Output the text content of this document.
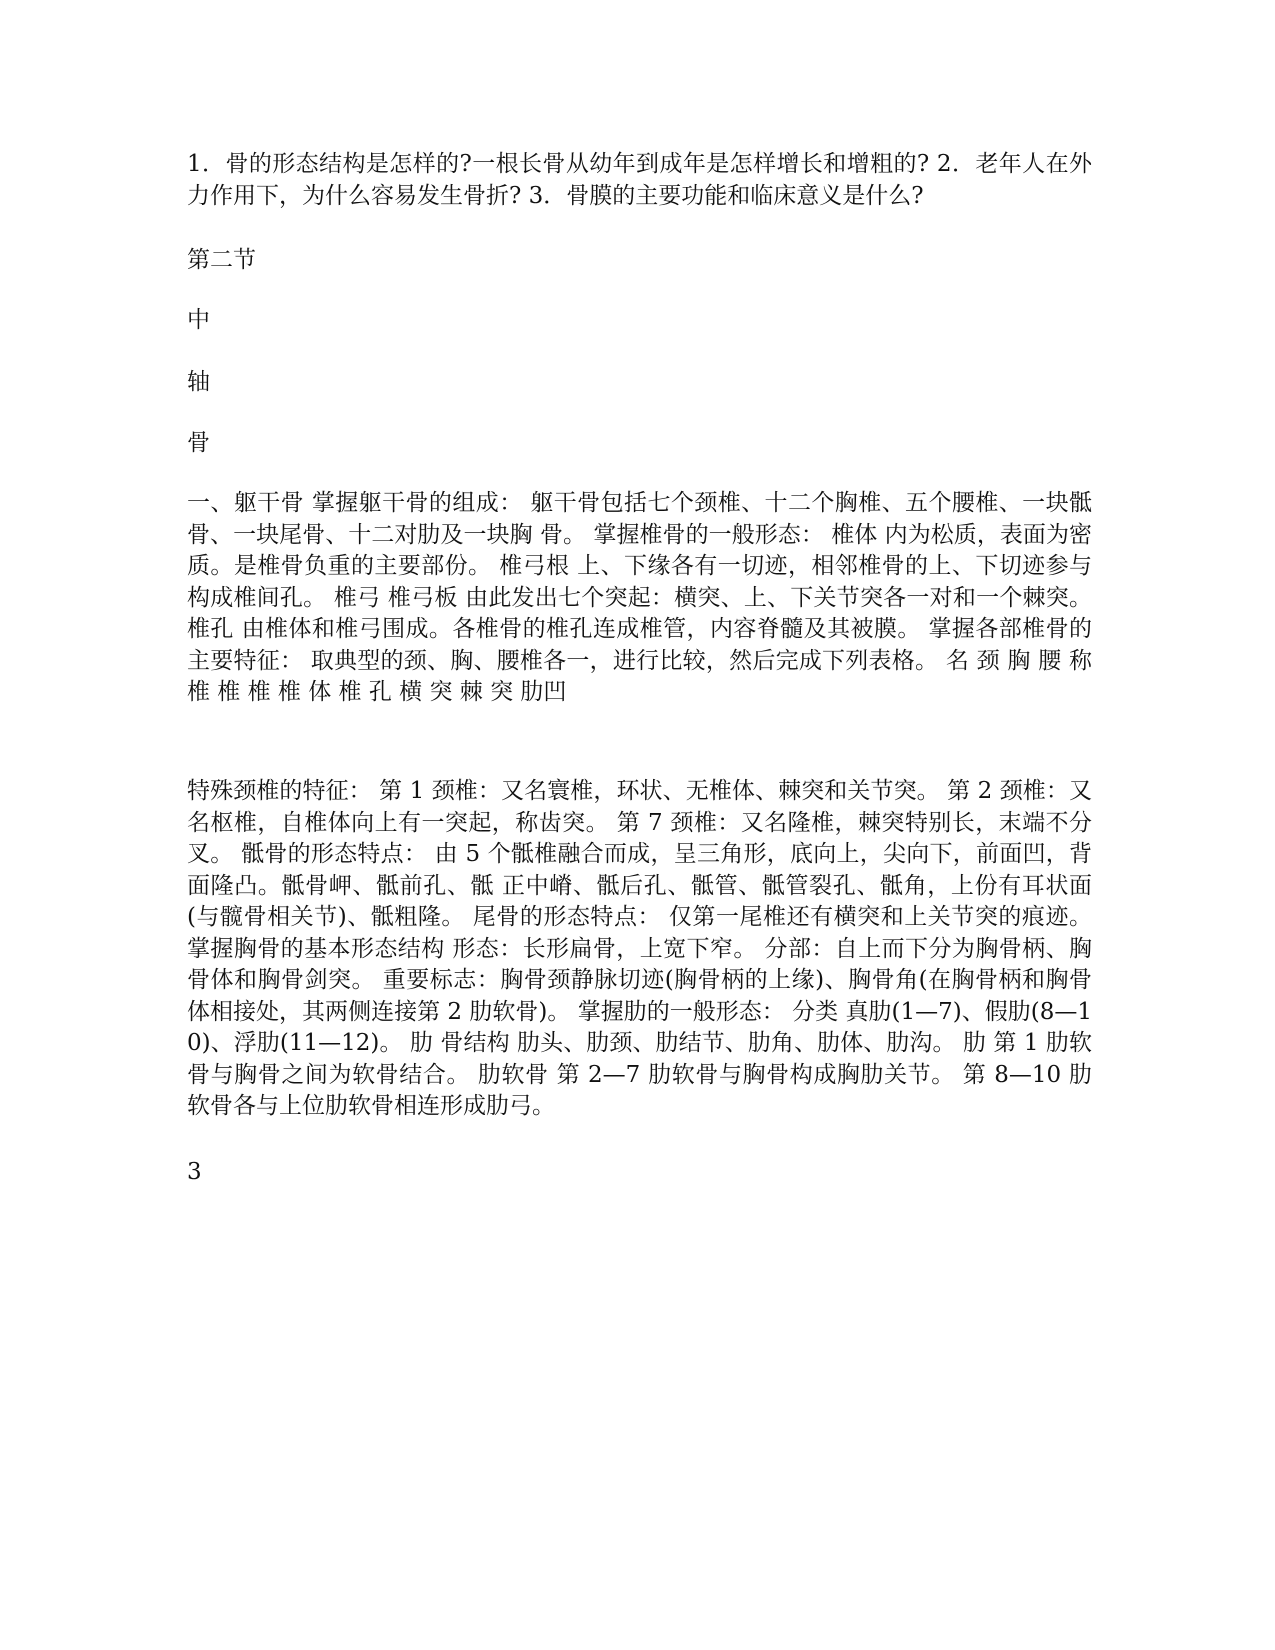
1．骨的形态结构是怎样的?一根长骨从幼年到成年是怎样增长和增粗的? 2．老年人在外力作用下，为什么容易发生骨折? 3．骨膜的主要功能和临床意义是什么?

第二节

中

轴

骨

一、躯干骨 掌握躯干骨的组成： 躯干骨包括七个颈椎、十二个胸椎、五个腰椎、一块骶骨、一块尾骨、十二对肋及一块胸 骨。 掌握椎骨的一般形态： 椎体 内为松质，表面为密质。是椎骨负重的主要部份。 椎弓根 上、下缘各有一切迹，相邻椎骨的上、下切迹参与构成椎间孔。 椎弓 椎弓板 由此发出七个突起：横突、上、下关节突各一对和一个棘突。 椎孔 由椎体和椎弓围成。各椎骨的椎孔连成椎管，内容脊髓及其被膜。 掌握各部椎骨的主要特征： 取典型的颈、胸、腰椎各一，进行比较，然后完成下列表格。 名 颈 胸 腰 称 椎 椎 椎 椎 体 椎 孔 横 突 棘 突 肋凹

特殊颈椎的特征： 第 1 颈椎：又名寰椎，环状、无椎体、棘突和关节突。 第 2 颈椎：又名枢椎，自椎体向上有一突起，称齿突。 第 7 颈椎：又名隆椎，棘突特别长，末端不分叉。 骶骨的形态特点： 由 5 个骶椎融合而成，呈三角形，底向上，尖向下，前面凹，背面隆凸。骶骨岬、骶前孔、骶 正中嵴、骶后孔、骶管、骶管裂孔、骶角，上份有耳状面(与髋骨相关节)、骶粗隆。 尾骨的形态特点： 仅第一尾椎还有横突和上关节突的痕迹。 掌握胸骨的基本形态结构 形态：长形扁骨，上宽下窄。 分部：自上而下分为胸骨柄、胸骨体和胸骨剑突。 重要标志：胸骨颈静脉切迹(胸骨柄的上缘)、胸骨角(在胸骨柄和胸骨体相接处，其两侧连接第 2 肋软骨)。 掌握肋的一般形态： 分类 真肋(1—7)、假肋(8—10)、浮肋(11—12)。 肋 骨结构 肋头、肋颈、肋结节、肋角、肋体、肋沟。 肋 第 1 肋软骨与胸骨之间为软骨结合。 肋软骨 第 2—7 肋软骨与胸骨构成胸肋关节。 第 8—10 肋软骨各与上位肋软骨相连形成肋弓。

3
